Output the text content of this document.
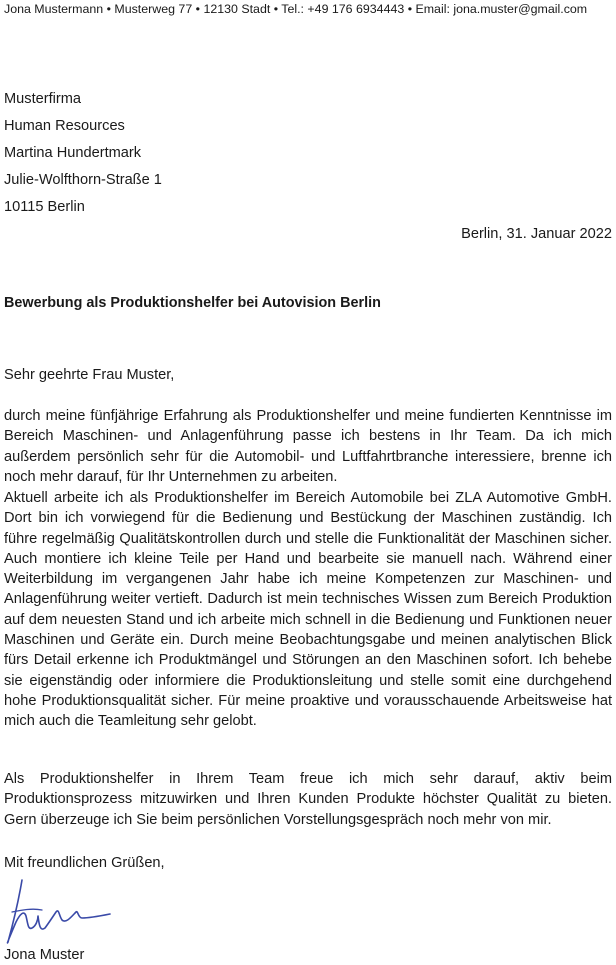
Jona Mustermann • Musterweg 77 • 12130 Stadt • Tel.: +49 176 6934443 • Email: jona.muster@gmail.com
Musterfirma
Human Resources
Martina Hundertmark
Julie-Wolfthorn-Straße 1
10115 Berlin
Berlin, 31. Januar 2022
Bewerbung als Produktionshelfer bei Autovision Berlin
Sehr geehrte Frau Muster,

durch meine fünfjährige Erfahrung als Produktionshelfer und meine fundierten Kenntnisse im Bereich Maschinen- und Anlagenführung passe ich bestens in Ihr Team. Da ich mich außerdem persönlich sehr für die Automobil- und Luftfahrtbranche interessiere, brenne ich noch mehr darauf, für Ihr Unternehmen zu arbeiten.

Aktuell arbeite ich als Produktionshelfer im Bereich Automobile bei ZLA Automotive GmbH. Dort bin ich vorwiegend für die Bedienung und Bestückung der Maschinen zuständig. Ich führe regelmäßig Qualitätskontrollen durch und stelle die Funktionalität der Maschinen sicher. Auch montiere ich kleine Teile per Hand und bearbeite sie manuell nach. Während einer Weiterbildung im vergangenen Jahr habe ich meine Kompetenzen zur Maschinen- und Anlagenführung weiter vertieft. Dadurch ist mein technisches Wissen zum Bereich Produktion auf dem neuesten Stand und ich arbeite mich schnell in die Bedienung und Funktionen neuer Maschinen und Geräte ein. Durch meine Beobachtungsgabe und meinen analytischen Blick fürs Detail erkenne ich Produktmängel und Störungen an den Maschinen sofort. Ich behebe sie eigenständig oder informiere die Produktionsleitung und stelle somit eine durchgehend hohe Produktionsqualität sicher. Für meine proaktive und vorausschauende Arbeitsweise hat mich auch die Teamleitung sehr gelobt.

Als Produktionshelfer in Ihrem Team freue ich mich sehr darauf, aktiv beim Produktionsprozess mitzuwirken und Ihren Kunden Produkte höchster Qualität zu bieten. Gern überzeuge ich Sie beim persönlichen Vorstellungsgespräch noch mehr von mir.

Mit freundlichen Grüßen,
Jona Muster
